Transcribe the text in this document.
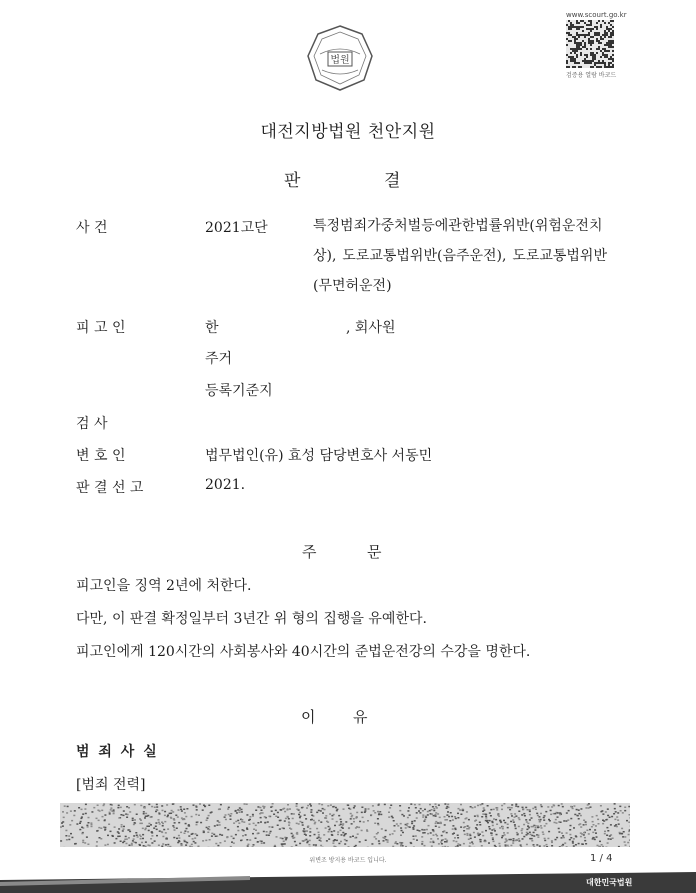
법원
www.scourt.go.kr
검증용 열람 바코드
대전지방법원 천안지원
판	결
사 건	2021고단	특정범죄가중처벌등에관한법률위반(위험운전치상), 도로교통법위반(음주운전), 도로교통법위반(무면허운전)
피 고 인	한	, 회사원
주거
등록기준지
검 사
변 호 인	법무법인(유) 효성 담당변호사 서동민
판 결 선 고	2021.
주	문
피고인을 징역 2년에 처한다.
다만, 이 판결 확정일부터 3년간 위 형의 집행을 유예한다.
피고인에게 120시간의 사회봉사와 40시간의 준법운전강의 수강을 명한다.
이	유
범 죄 사 실
[범죄 전력]
위변조 방지용 바코드 입니다.	1 / 4
대한민국법원
